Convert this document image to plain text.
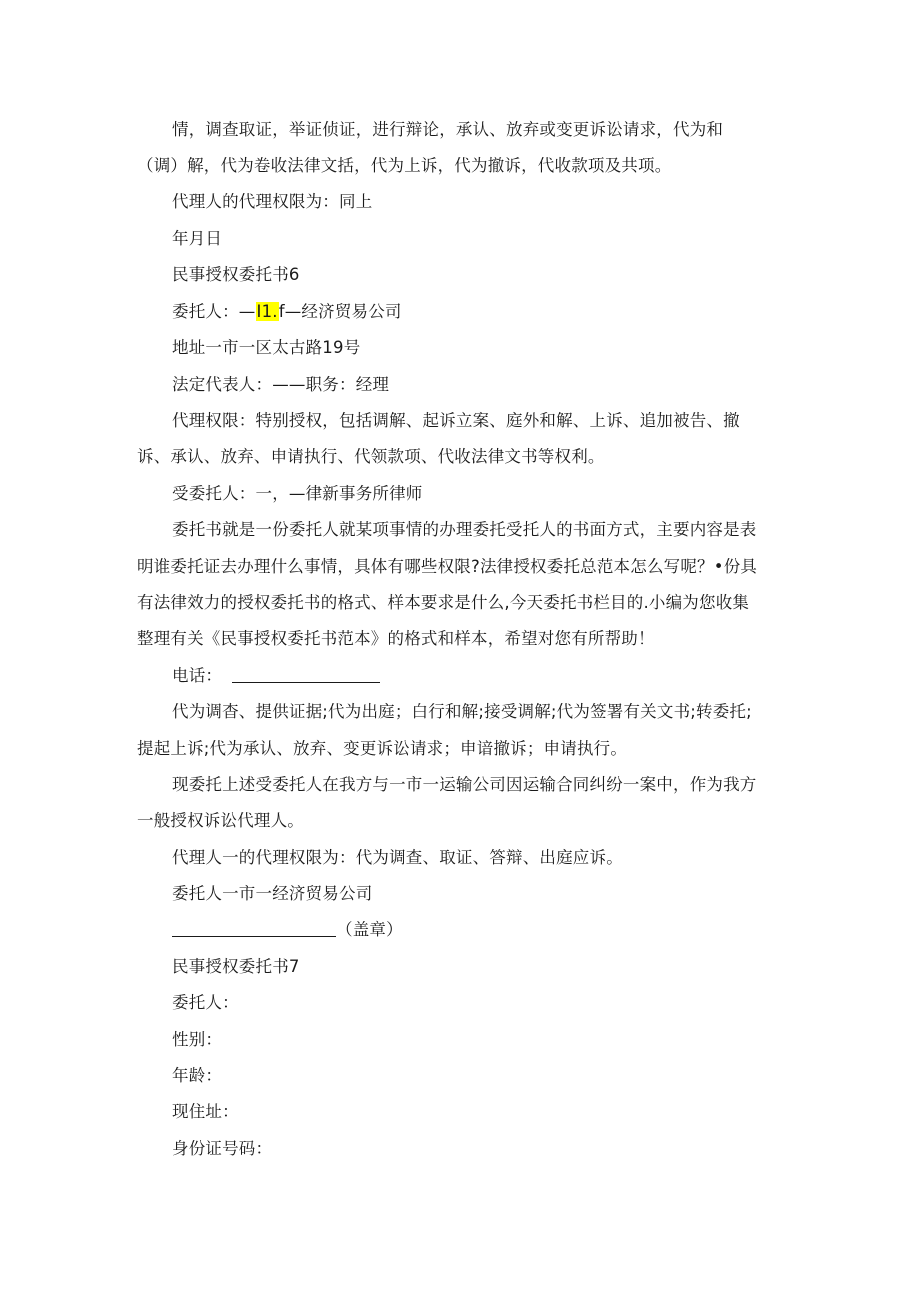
情，调查取证，举证侦证，进行辩论，承认、放弃或变更诉讼请求，代为和
（调）解，代为卷收法律文括，代为上诉，代为撤诉，代收款项及共项。
代理人的代理权限为：同上
年月日
民事授权委托书6
委托人：—I1.f—经济贸易公司
地址一市一区太古路19号
法定代表人：——职务：经理
代理权限：特别授权，包括调解、起诉立案、庭外和解、上诉、追加被告、撤
诉、承认、放弃、申请执行、代领款项、代收法律文书等权利。
受委托人：一，—律新事务所律师
委托书就是一份委托人就某项事情的办理委托受托人的书面方式，主要内容是表
明谁委托证去办理什么事情，具体有哪些权限?法律授权委托总范本怎么写呢？•份具
有法律效力的授权委托书的格式、样本要求是什么,今天委托书栏目的.小编为您收集
整理有关《民事授权委托书范本》的格式和样本，希望对您有所帮助！
电话：
代为调杳、提供证据;代为出庭；白行和解;接受调解;代为签署有关文书;转委托;
提起上诉;代为承认、放弃、变更诉讼请求；申谙撤诉；申请执行。
现委托上述受委托人在我方与一市一运输公司因运输合同纠纷一案中，作为我方
一般授权诉讼代理人。
代理人一的代理权限为：代为调查、取证、答辩、出庭应诉。
委托人一市一经济贸易公司
（盖章）
民事授权委托书7
委托人：
性别：
年龄：
现住址：
身份证号码：
